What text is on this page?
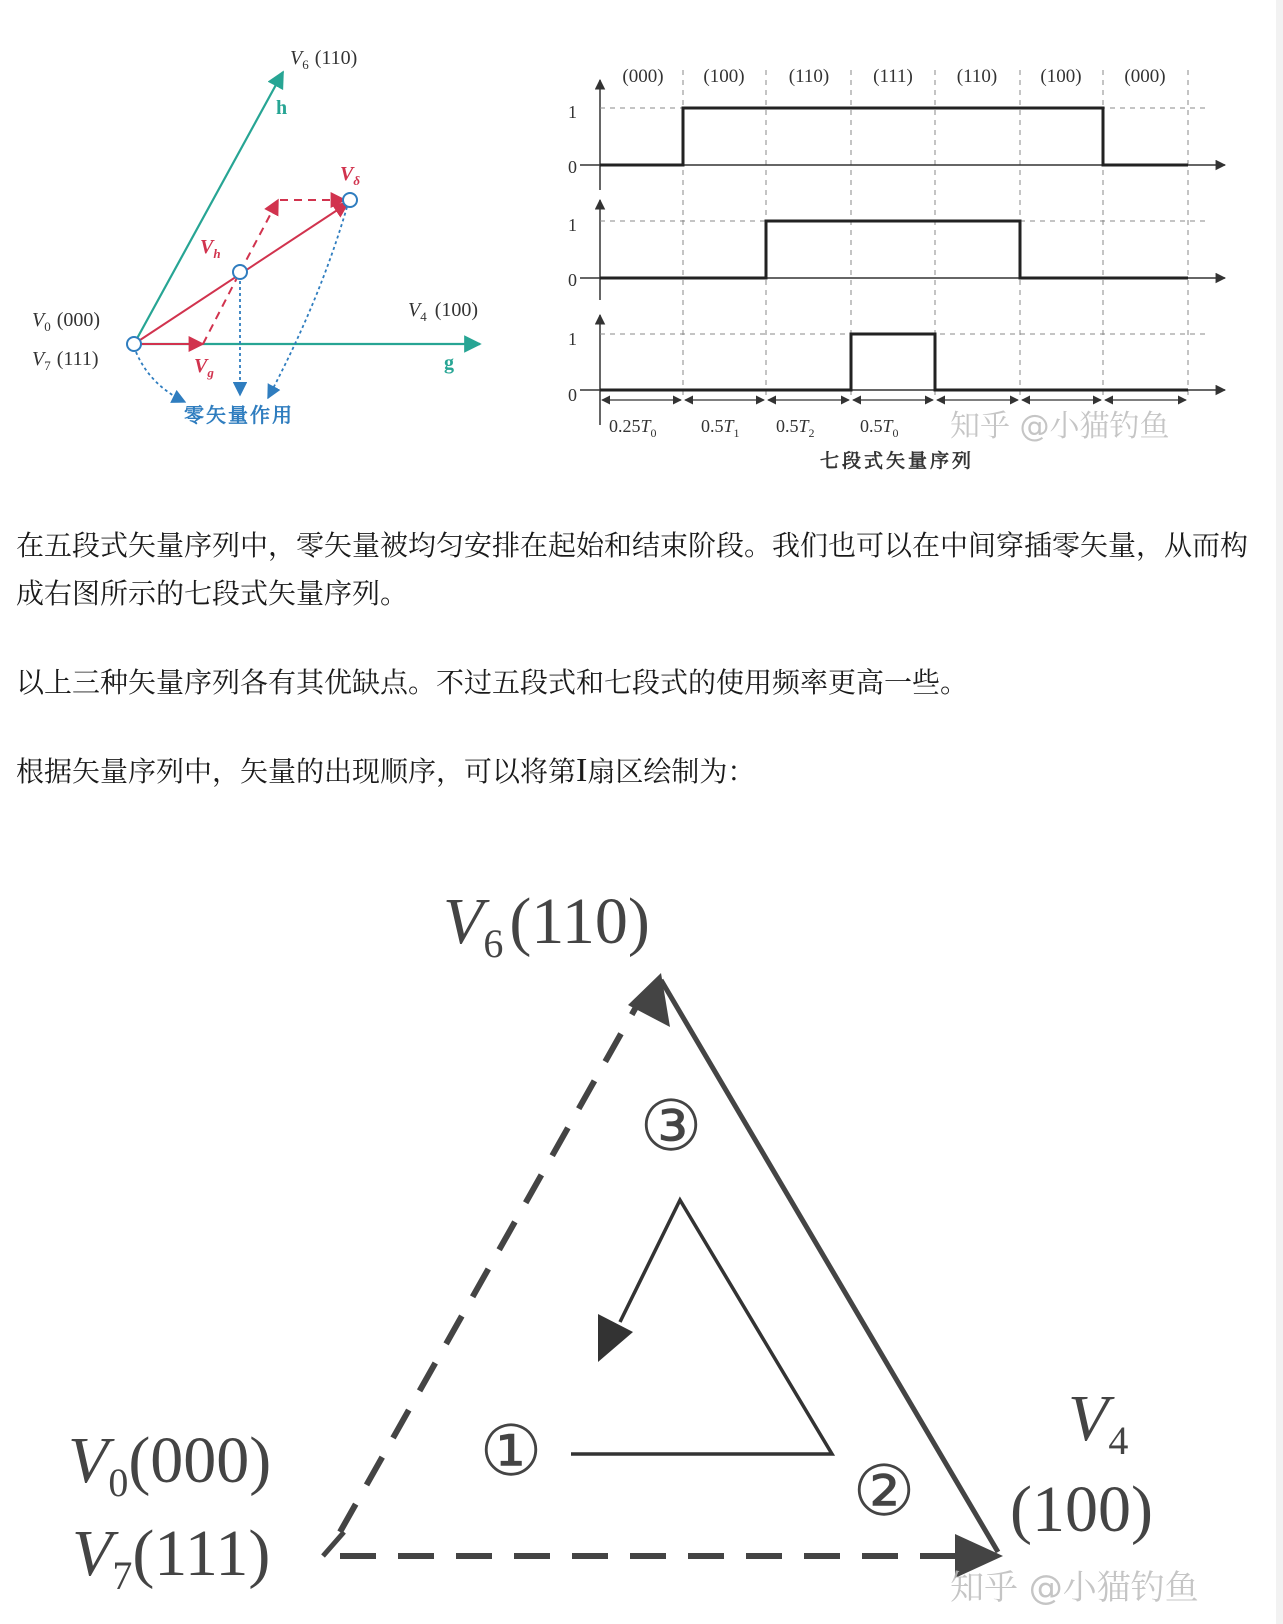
$V_6$ (110)
h
$V_4$ (100)
g
$V_0$ (000)
$V_7$ (111)
$V_\delta$
$V_h$
$V_g$
零矢量作用
(000) (100) (110) (111) (110) (100) (000)
1
0
1
0
1
0
$0.25T_0$ $0.5T_1$ $0.5T_2$	$0.5T_0$ 知乎 @小猫钓鱼
七段式矢量序列

在五段式矢量序列中，零矢量被均匀安排在起始和结束阶段。我们也可以在中间穿插零矢量，从而构成右图所示的七段式矢量序列。

以上三种矢量序列各有其优缺点。不过五段式和七段式的使用频率更高一些。

根据矢量序列中，矢量的出现顺序，可以将第I扇区绘制为：

①
②
③
$V_6(110)$
$V_4$
(100)
$V_0(000)$
$V_7(111)$	知乎 @小猫钓鱼
